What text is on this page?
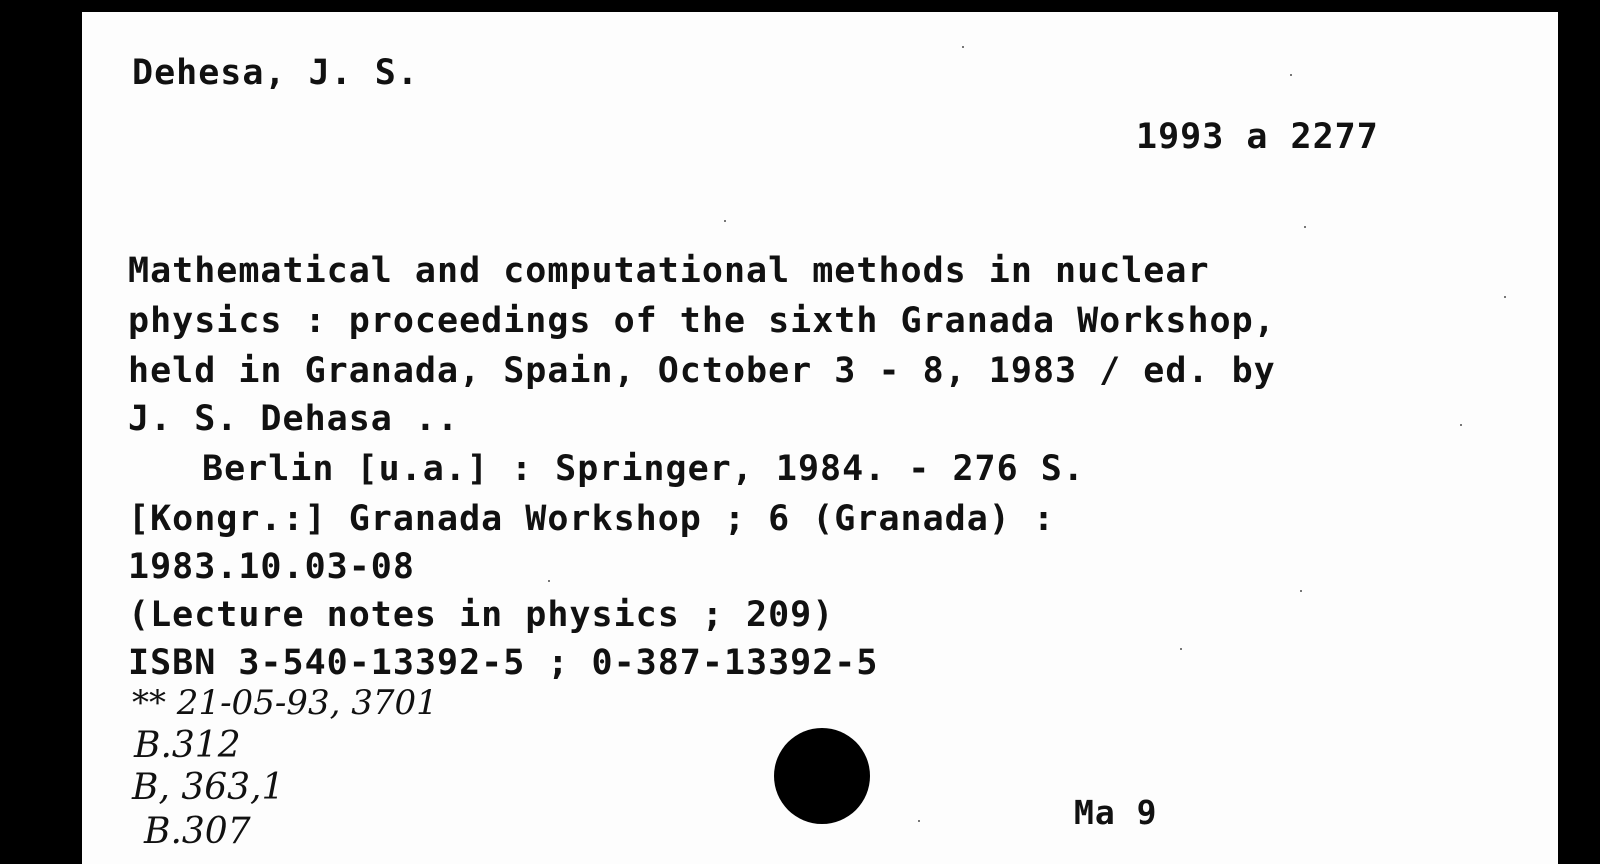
Dehesa, J. S.
1993 a 2277
Mathematical and computational methods in nuclear
physics : proceedings of the sixth Granada Workshop,
held in Granada, Spain, October 3 - 8, 1983 / ed. by
J. S. Dehasa ..
Berlin [u.a.] : Springer, 1984. - 276 S.
[Kongr.:] Granada Workshop ; 6 (Granada) :
1983.10.03-08
(Lecture notes in physics ; 209)
ISBN 3-540-13392-5 ; 0-387-13392-5
** 21-05-93, 3701
B.312
B, 363,1
B.307	Ma 9
